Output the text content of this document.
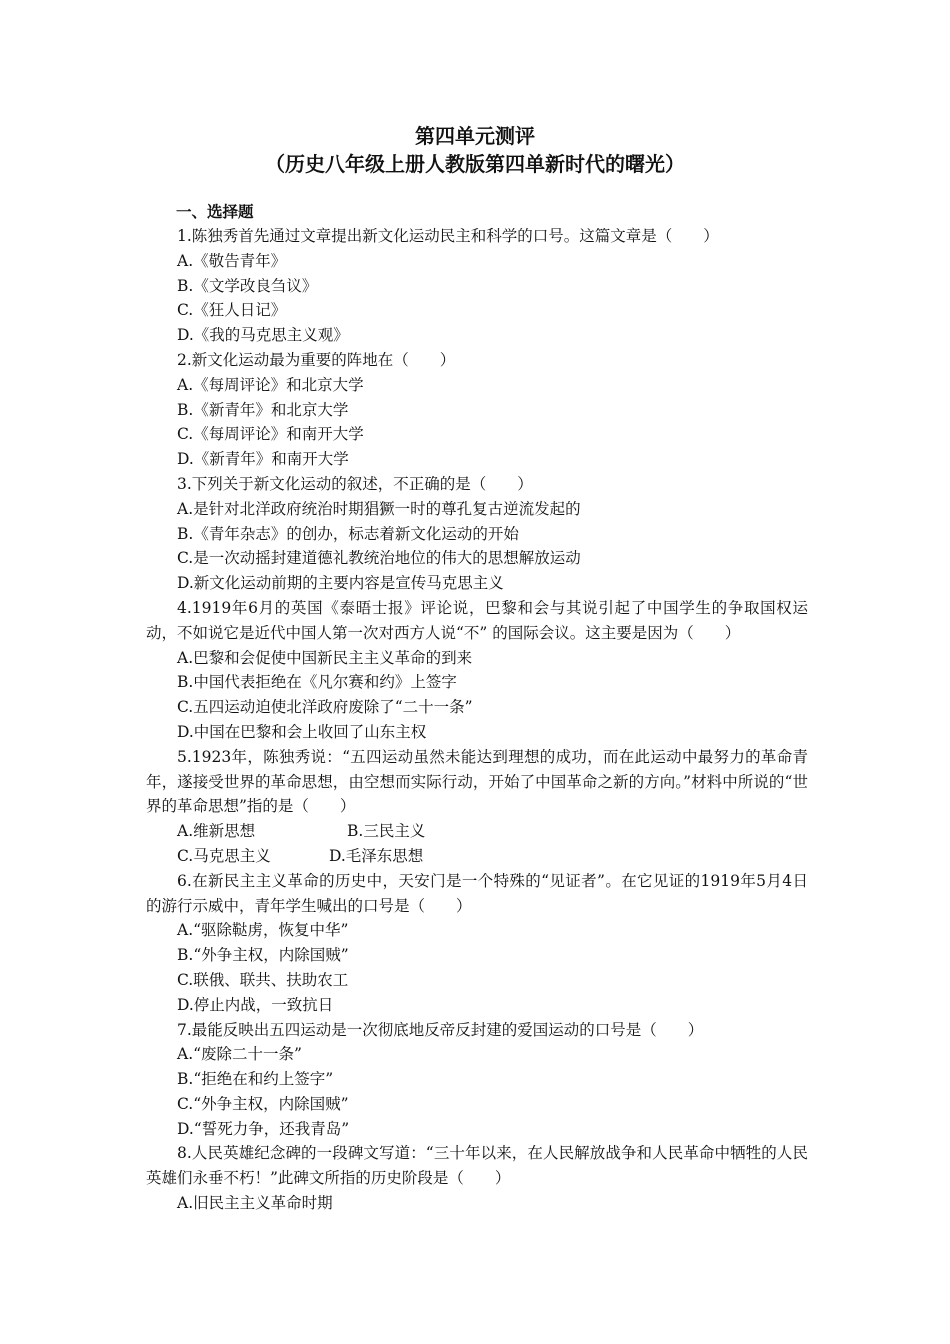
第四单元测评
（历史八年级上册人教版第四单新时代的曙光）
一、选择题

1.陈独秀首先通过文章提出新文化运动民主和科学的口号。这篇文章是（　　）

A.《敬告青年》
B.《文学改良刍议》
C.《狂人日记》
D.《我的马克思主义观》

2.新文化运动最为重要的阵地在（　　）

A.《每周评论》和北京大学
B.《新青年》和北京大学
C.《每周评论》和南开大学
D.《新青年》和南开大学

3.下列关于新文化运动的叙述，不正确的是（　　）

A.是针对北洋政府统治时期猖獗一时的尊孔复古逆流发起的
B.《青年杂志》的创办，标志着新文化运动的开始
C.是一次动摇封建道德礼教统治地位的伟大的思想解放运动
D.新文化运动前期的主要内容是宣传马克思主义

4.1919年6月的英国《泰晤士报》评论说，巴黎和会与其说引起了中国学生的争取国权运动，不如说它是近代中国人第一次对西方人说“不” 的国际会议。这主要是因为（　　）

A.巴黎和会促使中国新民主主义革命的到来
B.中国代表拒绝在《凡尔赛和约》上签字
C.五四运动迫使北洋政府废除了“二十一条”
D.中国在巴黎和会上收回了山东主权

5.1923年，陈独秀说：“五四运动虽然未能达到理想的成功，而在此运动中最努力的革命青年，遂接受世界的革命思想，由空想而实际行动，开始了中国革命之新的方向。”材料中所说的“世界的革命思想”指的是（　　）

A.维新思想	B.三民主义
C.马克思主义	D.毛泽东思想

6.在新民主主义革命的历史中，天安门是一个特殊的“见证者”。在它见证的1919年5月4日的游行示威中，青年学生喊出的口号是（　　）

A.“驱除鞑虏，恢复中华”
B.“外争主权，内除国贼”
C.联俄、联共、扶助农工
D.停止内战，一致抗日

7.最能反映出五四运动是一次彻底地反帝反封建的爱国运动的口号是（　　）

A.“废除二十一条”
B.“拒绝在和约上签字”
C.“外争主权，内除国贼”
D.“誓死力争，还我青岛”

8.人民英雄纪念碑的一段碑文写道：“三十年以来，在人民解放战争和人民革命中牺牲的人民英雄们永垂不朽！”此碑文所指的历史阶段是（　　）

A.旧民主主义革命时期
